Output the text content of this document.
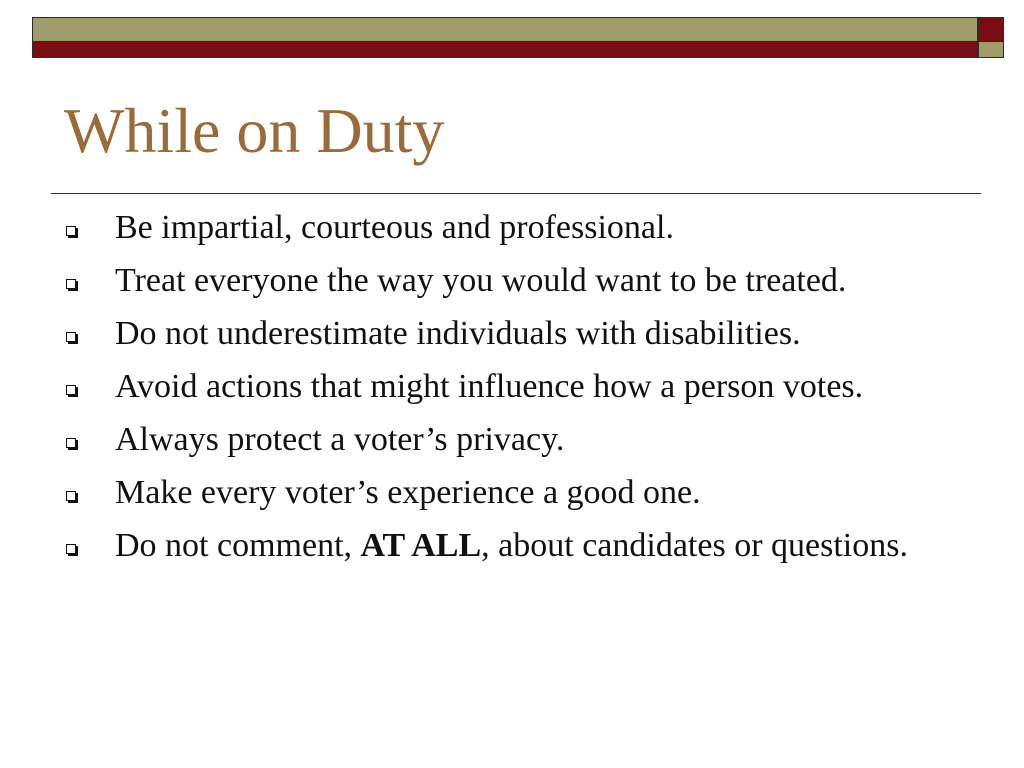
While on Duty
Be impartial, courteous and professional.
Treat everyone the way you would want to be treated.
Do not underestimate individuals with disabilities.
Avoid actions that might influence how a person votes.
Always protect a voter’s privacy.
Make every voter’s experience a good one.
Do not comment, AT ALL, about candidates or questions.
